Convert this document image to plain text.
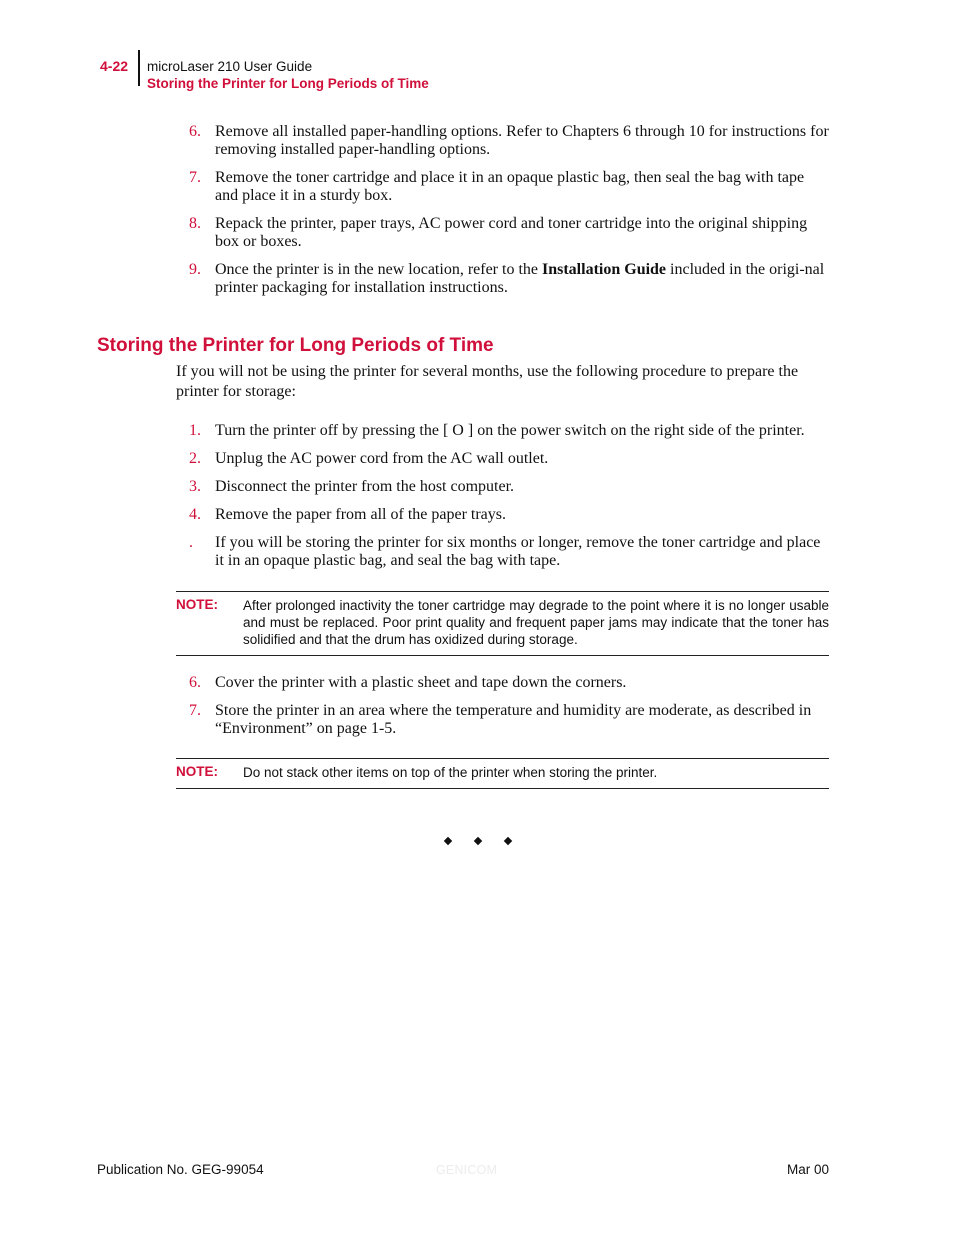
4-22 microLaser 210 User Guide
Storing the Printer for Long Periods of Time
6. Remove all installed paper-handling options. Refer to Chapters 6 through 10 for instructions for removing installed paper-handling options.
7. Remove the toner cartridge and place it in an opaque plastic bag, then seal the bag with tape and place it in a sturdy box.
8. Repack the printer, paper trays, AC power cord and toner cartridge into the original shipping box or boxes.
9. Once the printer is in the new location, refer to the Installation Guide included in the origi-nal printer packaging for installation instructions.
Storing the Printer for Long Periods of Time
If you will not be using the printer for several months, use the following procedure to prepare the printer for storage:
1. Turn the printer off by pressing the [ O ] on the power switch on the right side of the printer.
2. Unplug the AC power cord from the AC wall outlet.
3. Disconnect the printer from the host computer.
4. Remove the paper from all of the paper trays.
. If you will be storing the printer for six months or longer, remove the toner cartridge and place it in an opaque plastic bag, and seal the bag with tape.
NOTE: After prolonged inactivity the toner cartridge may degrade to the point where it is no longer usable and must be replaced. Poor print quality and frequent paper jams may indicate that the toner has solidified and that the drum has oxidized during storage.
6. Cover the printer with a plastic sheet and tape down the corners.
7. Store the printer in an area where the temperature and humidity are moderate, as described in “Environment” on page 1-5.
NOTE: Do not stack other items on top of the printer when storing the printer.
Publication No. GEG-99054	GENICOM	Mar 00
